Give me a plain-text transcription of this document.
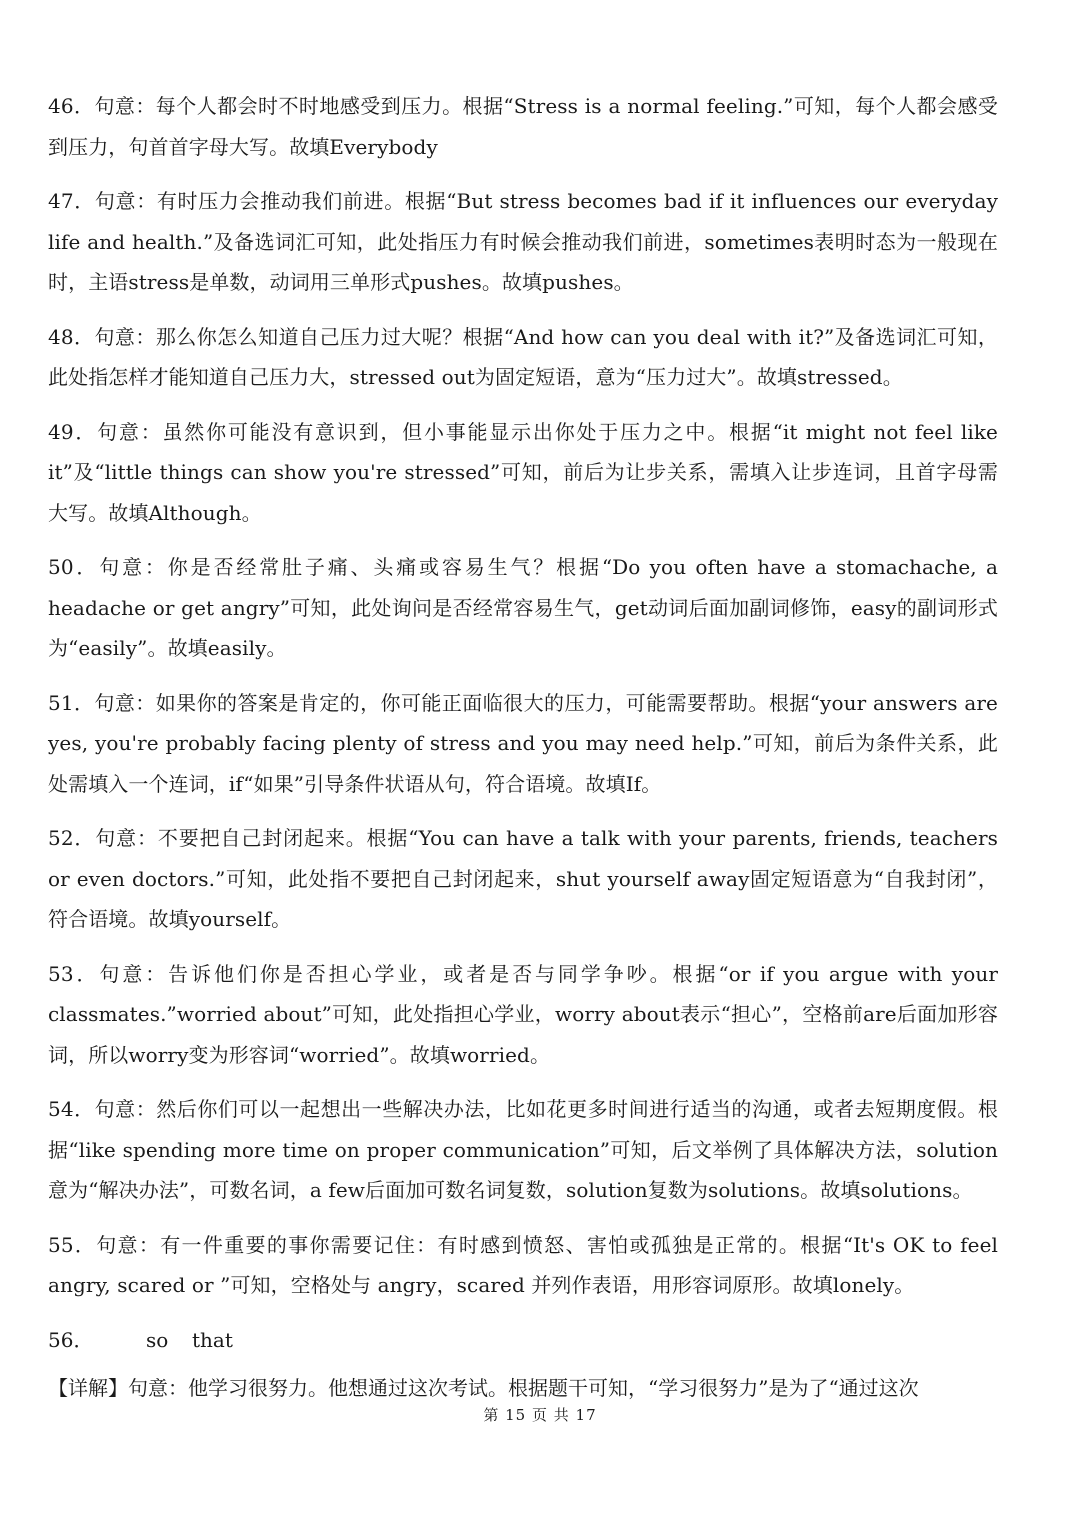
46．句意：每个人都会时不时地感受到压力。根据“Stress is a normal feeling.”可知，每个人都会感受到压力，句首首字母大写。故填Everybody

47．句意：有时压力会推动我们前进。根据“But stress becomes bad if it influences our everyday life and health.”及备选词汇可知，此处指压力有时候会推动我们前进，sometimes表明时态为一般现在时，主语stress是单数，动词用三单形式pushes。故填pushes。

48．句意：那么你怎么知道自己压力过大呢？根据“And how can you deal with it?”及备选词汇可知，此处指怎样才能知道自己压力大，stressed out为固定短语，意为“压力过大”。故填stressed。

49．句意：虽然你可能没有意识到，但小事能显示出你处于压力之中。根据“it might not feel like it”及“little things can show you're stressed”可知，前后为让步关系，需填入让步连词，且首字母需大写。故填Although。

50．句意：你是否经常肚子痛、头痛或容易生气？根据“Do you often have a stomachache, a headache or get angry”可知，此处询问是否经常容易生气，get动词后面加副词修饰，easy的副词形式为“easily”。故填easily。

51．句意：如果你的答案是肯定的，你可能正面临很大的压力，可能需要帮助。根据“your answers are yes, you're probably facing plenty of stress and you may need help.”可知，前后为条件关系，此处需填入一个连词，if“如果”引导条件状语从句，符合语境。故填If。

52．句意：不要把自己封闭起来。根据“You can have a talk with your parents, friends, teachers or even doctors.”可知，此处指不要把自己封闭起来，shut yourself away固定短语意为“自我封闭”，符合语境。故填yourself。

53．句意：告诉他们你是否担心学业，或者是否与同学争吵。根据“or if you argue with your classmates.”worried about”可知，此处指担心学业，worry about表示“担心”，空格前are后面加形容词，所以worry变为形容词“worried”。故填worried。

54．句意：然后你们可以一起想出一些解决办法，比如花更多时间进行适当的沟通，或者去短期度假。根据“like spending more time on proper communication”可知，后文举例了具体解决方法，solution意为“解决办法”，可数名词，a few后面加可数名词复数，solution复数为solutions。故填solutions。

55．句意：有一件重要的事你需要记住：有时感到愤怒、害怕或孤独是正常的。根据“It's OK to feel angry, scared or ”可知，空格处与 angry，scared 并列作表语，用形容词原形。故填lonely。

56．	so that

【详解】句意：他学习很努力。他想通过这次考试。根据题干可知，“学习很努力”是为了“通过这次

第 15 页 共 17
